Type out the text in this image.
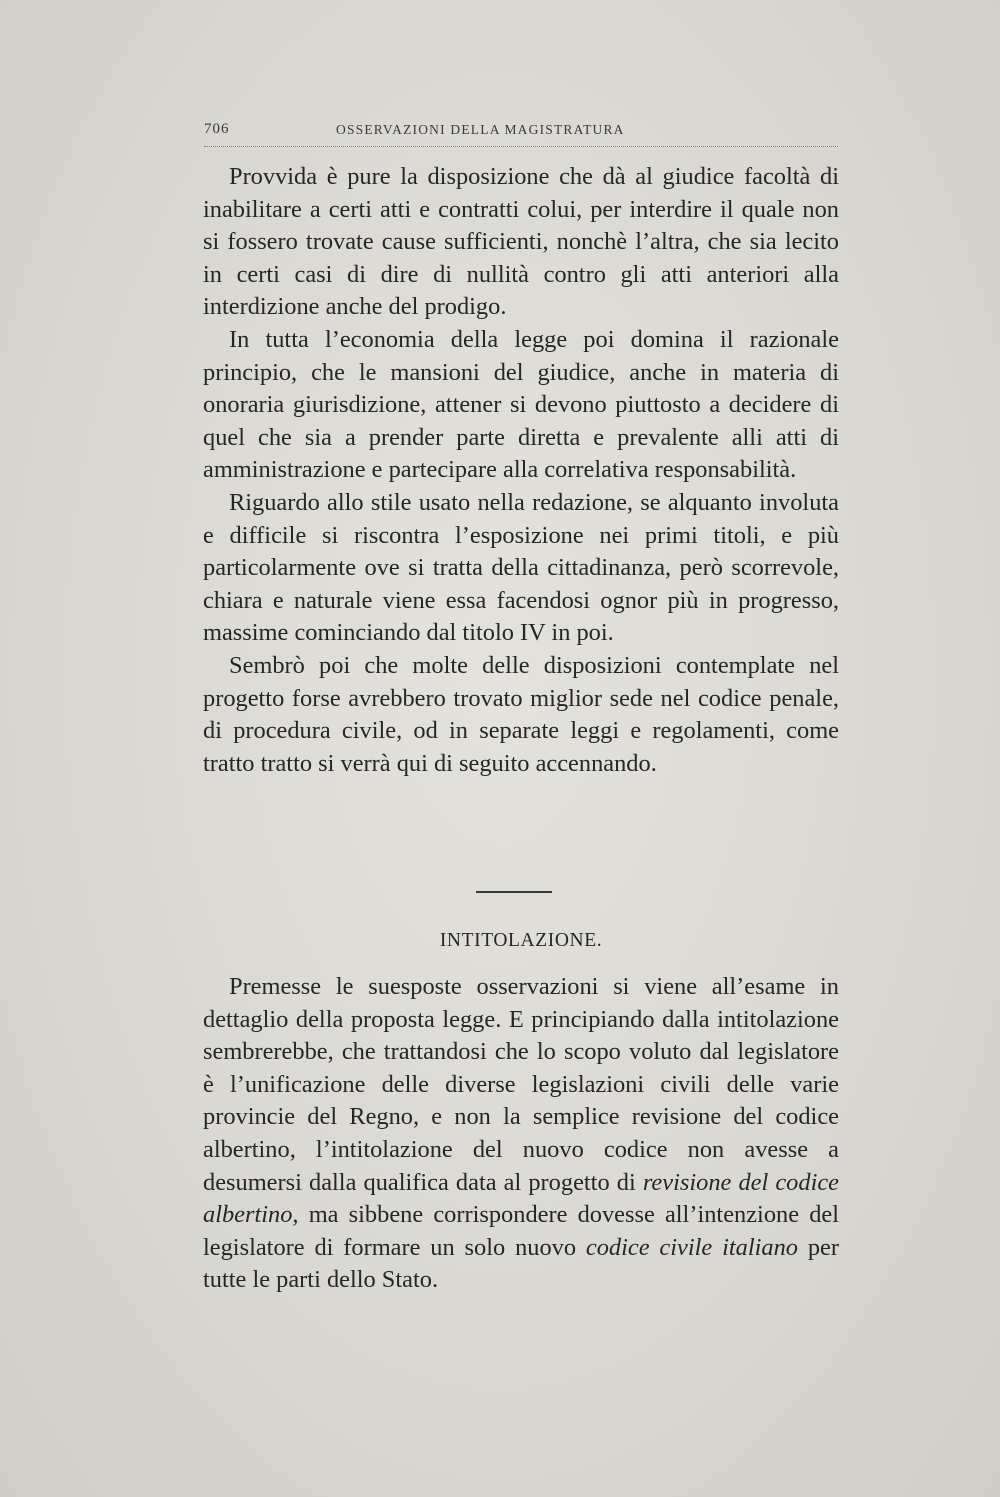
706	OSSERVAZIONI DELLA MAGISTRATURA

Provvida è pure la disposizione che dà al giudice facoltà di inabilitare a certi atti e contratti colui, per interdire il quale non si fossero trovate cause sufficienti, nonchè l’altra, che sia lecito in certi casi di dire di nullità contro gli atti anteriori alla interdizione anche del prodigo.

In tutta l’economia della legge poi domina il razionale principio, che le mansioni del giudice, anche in materia di onoraria giurisdizione, attener si devono piuttosto a decidere di quel che sia a prender parte diretta e prevalente alli atti di amministrazione e partecipare alla correlativa responsabilità.

Riguardo allo stile usato nella redazione, se alquanto involuta e difficile si riscontra l’esposizione nei primi titoli, e più particolarmente ove si tratta della cittadinanza, però scorrevole, chiara e naturale viene essa facendosi ognor più in progresso, massime cominciando dal titolo IV in poi.

Sembrò poi che molte delle disposizioni contemplate nel progetto forse avrebbero trovato miglior sede nel codice penale, di procedura civile, od in separate leggi e regolamenti, come tratto tratto si verrà qui di seguito accennando.

INTITOLAZIONE.

Premesse le suesposte osservazioni si viene all’esame in dettaglio della proposta legge. E principiando dalla intitolazione sembrerebbe, che trattandosi che lo scopo voluto dal legislatore è l’unificazione delle diverse legislazioni civili delle varie provincie del Regno, e non la semplice revisione del codice albertino, l’intitolazione del nuovo codice non avesse a desumersi dalla qualifica data al progetto di revisione del codice albertino, ma sibbene corrispondere dovesse all’intenzione del legislatore di formare un solo nuovo codice civile italiano per tutte le parti dello Stato.
